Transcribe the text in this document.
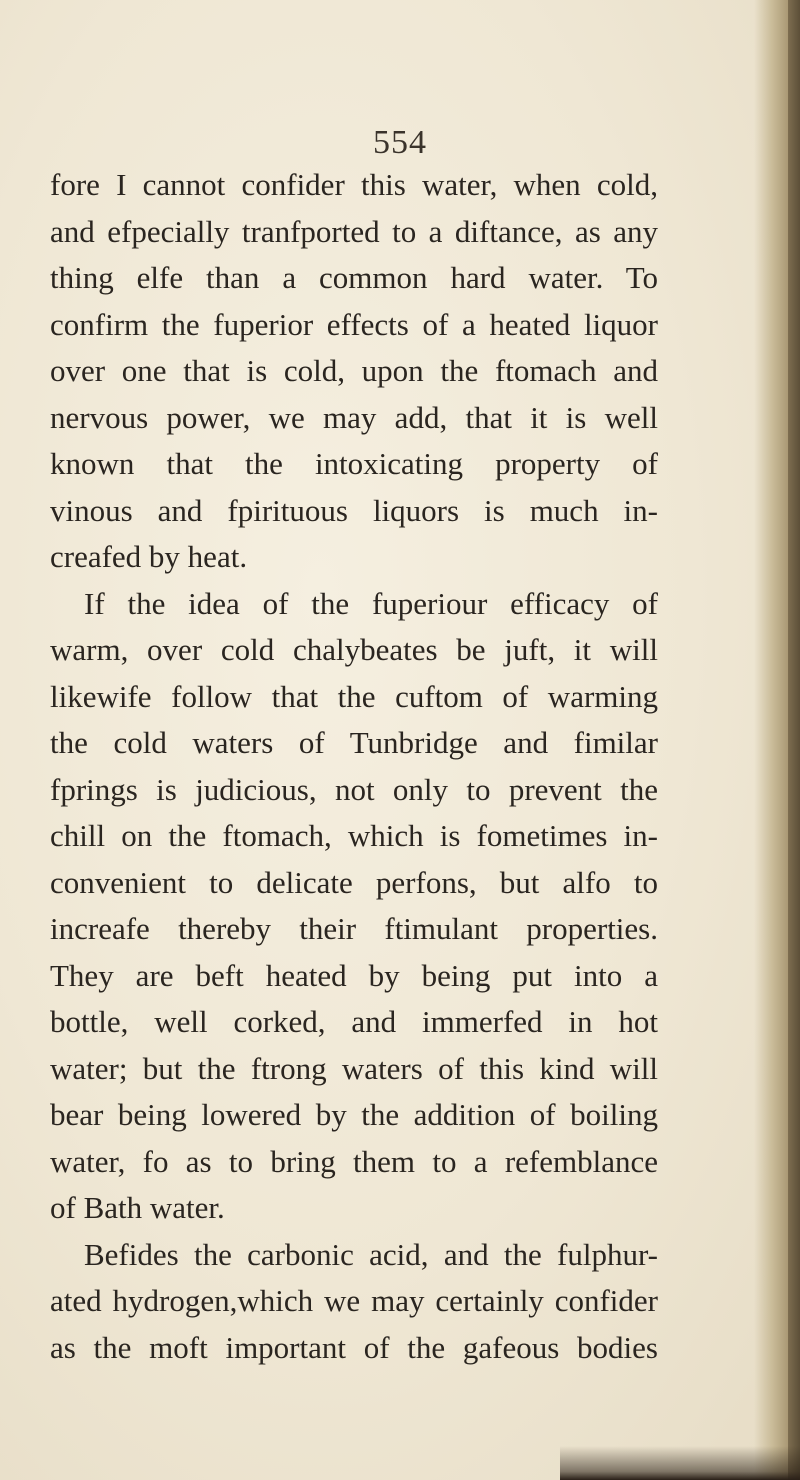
554
fore I cannot confider this water, when cold,
and efpecially tranfported to a diftance, as any
thing elfe than a common hard water. To
confirm the fuperior effects of a heated liquor
over one that is cold, upon the ftomach and
nervous power, we may add, that it is well
known that the intoxicating property of
vinous and fpirituous liquors is much in-
creafed by heat.
If the idea of the fuperiour efficacy of
warm, over cold chalybeates be juft, it will
likewife follow that the cuftom of warming
the cold waters of Tunbridge and fimilar
fprings is judicious, not only to prevent the
chill on the ftomach, which is fometimes in-
convenient to delicate perfons, but alfo to
increafe thereby their ftimulant properties.
They are beft heated by being put into a
bottle, well corked, and immerfed in hot
water; but the ftrong waters of this kind will
bear being lowered by the addition of boiling
water, fo as to bring them to a refemblance
of Bath water.
Befides the carbonic acid, and the fulphur-
ated hydrogen,which we may certainly confider
as the moft important of the gafeous bodies
